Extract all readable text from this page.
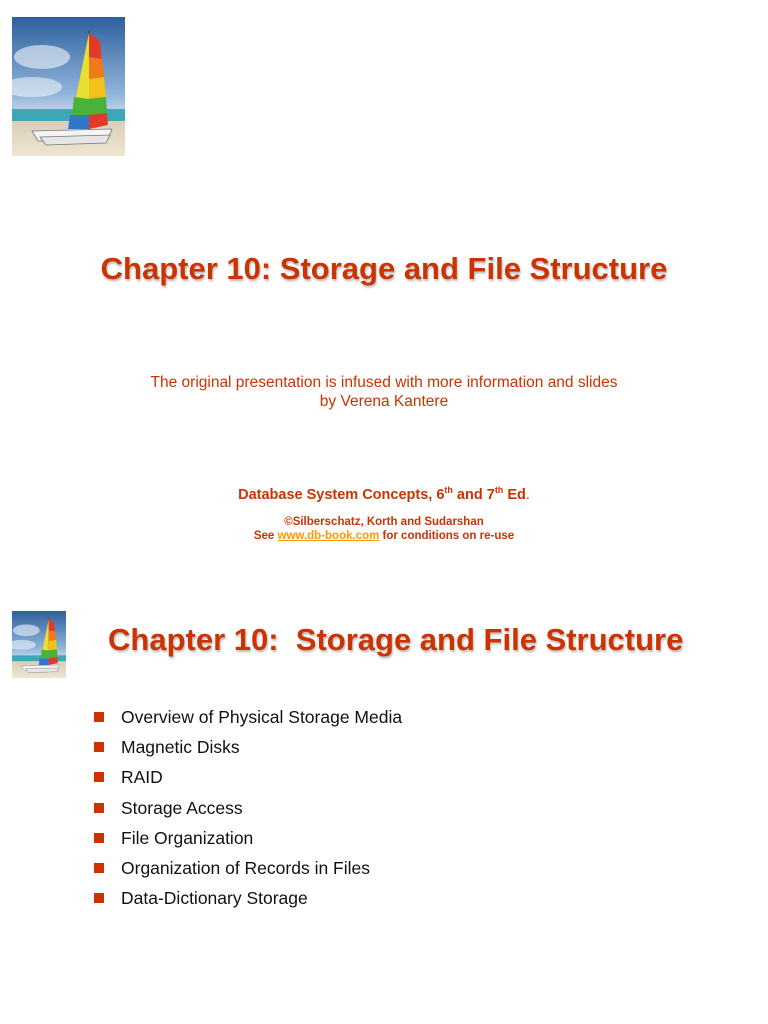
Chapter 10: Storage and File Structure
The original presentation is infused with more information and slides
by Verena Kantere
Database System Concepts, 6th and 7th Ed.
©Silberschatz, Korth and Sudarshan
See www.db-book.com for conditions on re-use
Chapter 10:  Storage and File Structure
Overview of Physical Storage Media
Magnetic Disks
RAID
Storage Access
File Organization
Organization of Records in Files
Data-Dictionary Storage
